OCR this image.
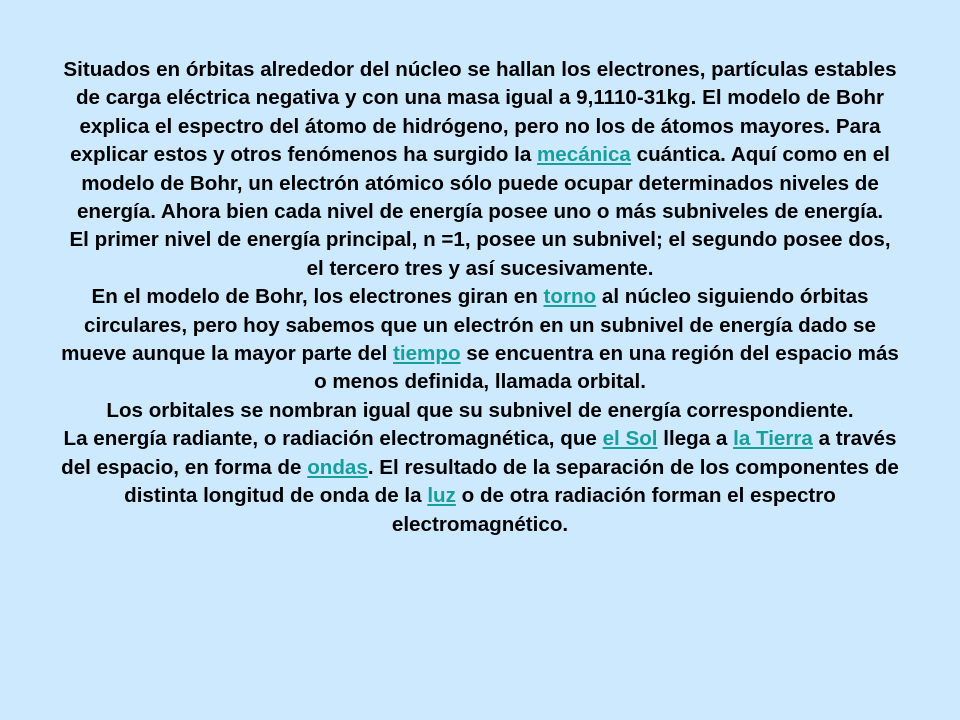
Situados en órbitas alrededor del núcleo se hallan los electrones, partículas estables de carga eléctrica negativa y con una masa igual a 9,1110-31kg. El modelo de Bohr explica el espectro del átomo de hidrógeno, pero no los de átomos mayores. Para explicar estos y otros fenómenos ha surgido la mecánica cuántica. Aquí como en el modelo de Bohr, un electrón atómico sólo puede ocupar determinados niveles de energía. Ahora bien cada nivel de energía posee uno o más subniveles de energía.

El primer nivel de energía principal, n =1, posee un subnivel; el segundo posee dos, el tercero tres y así sucesivamente.

En el modelo de Bohr, los electrones giran en torno al núcleo siguiendo órbitas circulares, pero hoy sabemos que un electrón en un subnivel de energía dado se mueve aunque la mayor parte del tiempo se encuentra en una región del espacio más o menos definida, llamada orbital.

Los orbitales se nombran igual que su subnivel de energía correspondiente.

La energía radiante, o radiación electromagnética, que el Sol llega a la Tierra a través del espacio, en forma de ondas. El resultado de la separación de los componentes de distinta longitud de onda de la luz o de otra radiación forman el espectro electromagnético.
